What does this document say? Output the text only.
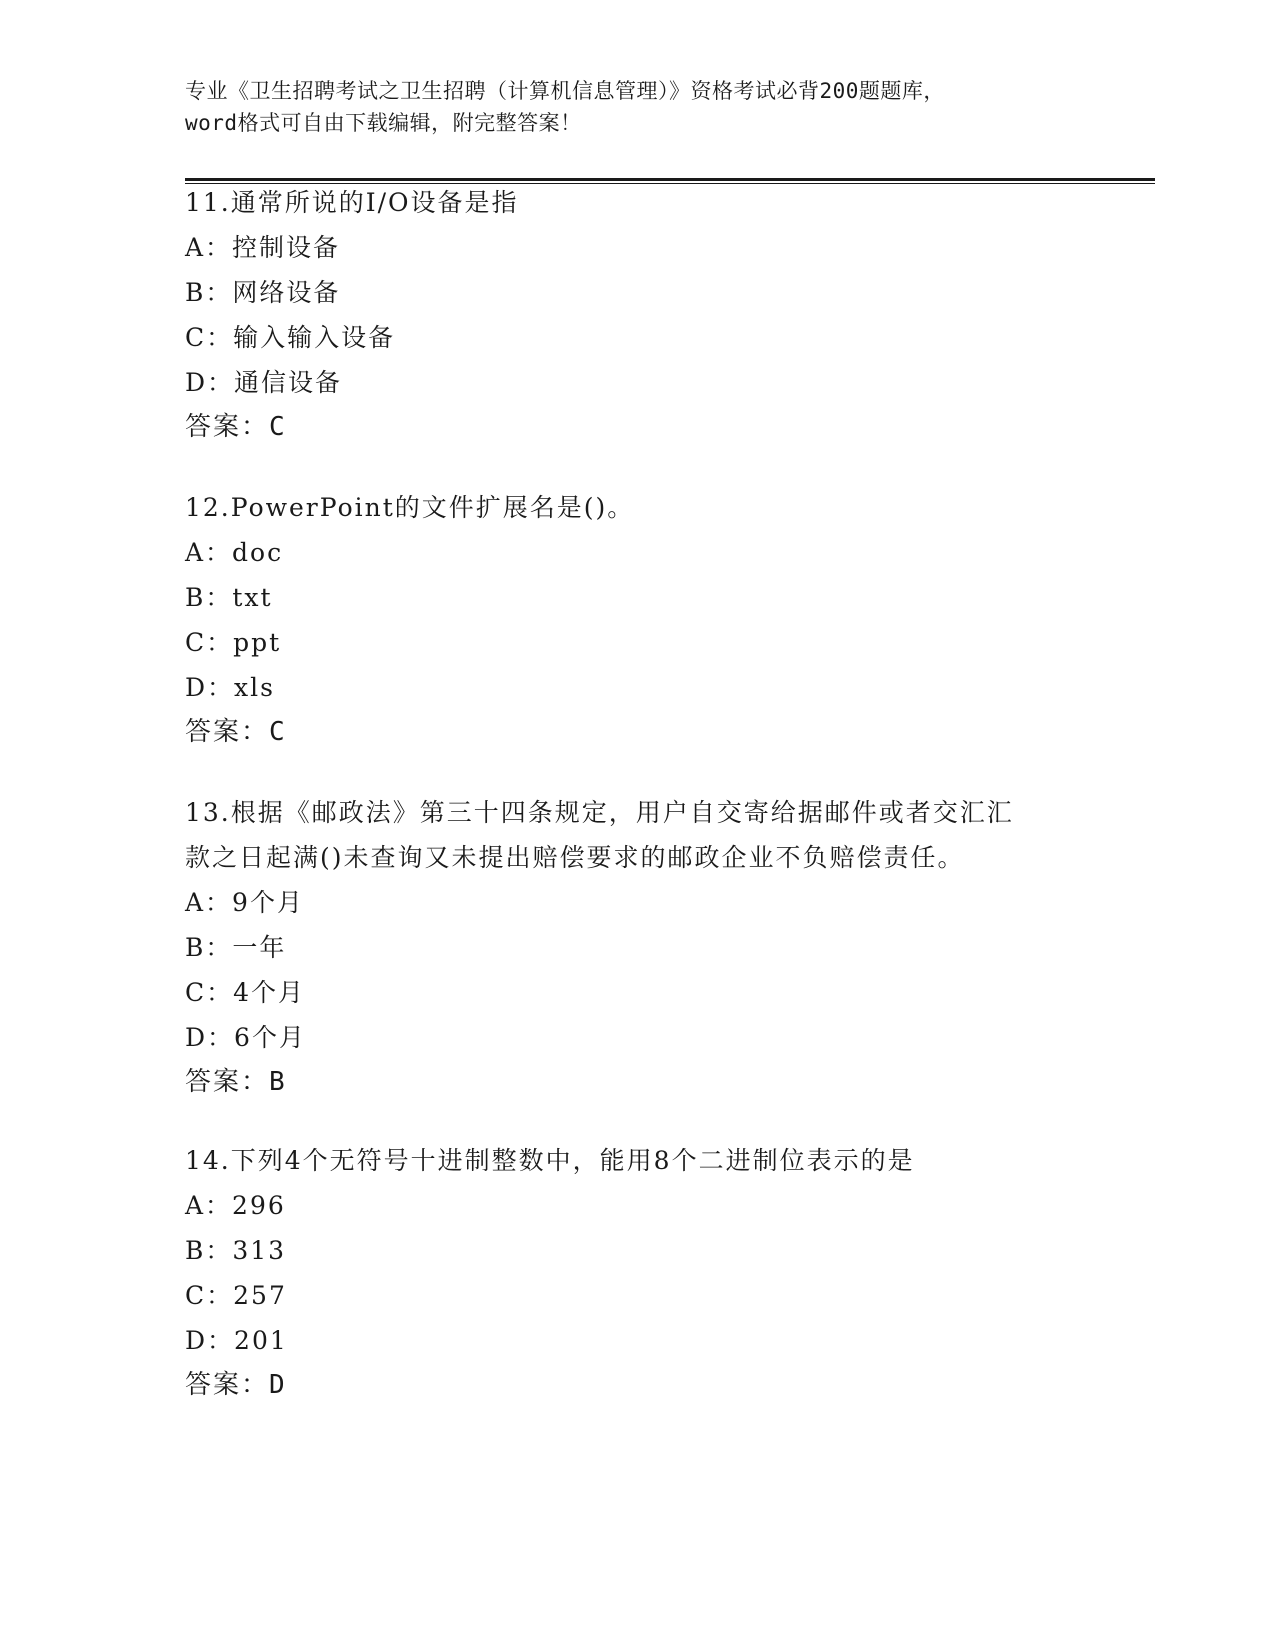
专业《卫生招聘考试之卫生招聘（计算机信息管理）》资格考试必背200题题库，
word格式可自由下载编辑，附完整答案！
11.通常所说的I/O设备是指
A：控制设备
B：网络设备
C：输入输入设备
D：通信设备
答案：C
12.PowerPoint的文件扩展名是()。
A：doc
B：txt
C：ppt
D：xls
答案：C
13.根据《邮政法》第三十四条规定，用户自交寄给据邮件或者交汇汇
款之日起满()未查询又未提出赔偿要求的邮政企业不负赔偿责任。
A：9个月
B：一年
C：4个月
D：6个月
答案：B
14.下列4个无符号十进制整数中，能用8个二进制位表示的是
A：296
B：313
C：257
D：201
答案：D
